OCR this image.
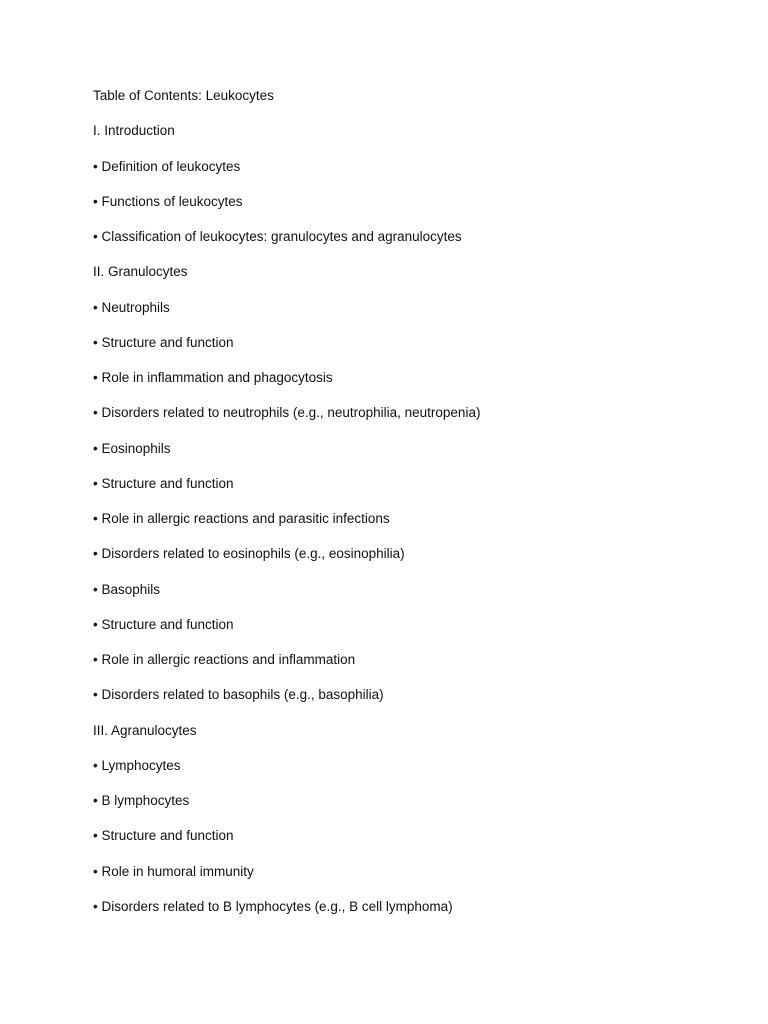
Table of Contents: Leukocytes
I. Introduction
• Definition of leukocytes
• Functions of leukocytes
• Classification of leukocytes: granulocytes and agranulocytes
II. Granulocytes
• Neutrophils
• Structure and function
• Role in inflammation and phagocytosis
• Disorders related to neutrophils (e.g., neutrophilia, neutropenia)
• Eosinophils
• Structure and function
• Role in allergic reactions and parasitic infections
• Disorders related to eosinophils (e.g., eosinophilia)
• Basophils
• Structure and function
• Role in allergic reactions and inflammation
• Disorders related to basophils (e.g., basophilia)
III. Agranulocytes
• Lymphocytes
• B lymphocytes
• Structure and function
• Role in humoral immunity
• Disorders related to B lymphocytes (e.g., B cell lymphoma)
